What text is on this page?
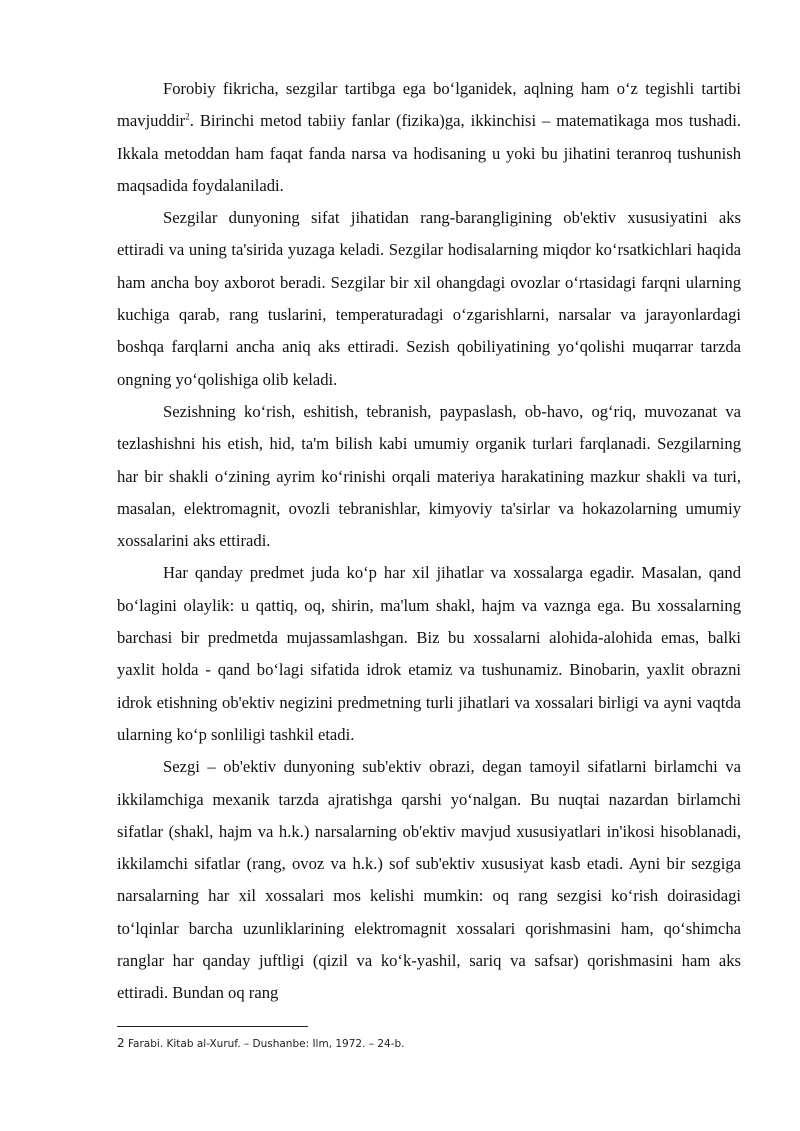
Forobiy fikricha, sezgilar tartibga ega bo‘lganidek, aqlning ham o‘z tegishli tartibi mavjuddir$^2$. Birinchi metod tabiiy fanlar (fizika)ga, ikkinchisi – matematikaga mos tushadi. Ikkala metoddan ham faqat fanda narsa va hodisaning u yoki bu jihatini teranroq tushunish maqsadida foydalaniladi.

Sezgilar dunyoning sifat jihatidan rang-barangligining ob'ektiv xususiyatini aks ettiradi va uning ta'sirida yuzaga keladi. Sezgilar hodisalarning miqdor ko‘rsatkichlari haqida ham ancha boy axborot beradi. Sezgilar bir xil ohangdagi ovozlar o‘rtasidagi farqni ularning kuchiga qarab, rang tuslarini, temperaturadagi o‘zgarishlarni, narsalar va jarayonlardagi boshqa farqlarni ancha aniq aks ettiradi. Sezish qobiliyatining yo‘qolishi muqarrar tarzda ongning yo‘qolishiga olib keladi.

Sezishning ko‘rish, eshitish, tebranish, paypaslash, ob-havo, og‘riq, muvozanat va tezlashishni his etish, hid, ta'm bilish kabi umumiy organik turlari farqlanadi. Sezgilarning har bir shakli o‘zining ayrim ko‘rinishi orqali materiya harakatining mazkur shakli va turi, masalan, elektromagnit, ovozli tebranishlar, kimyoviy ta'sirlar va hokazolarning umumiy xossalarini aks ettiradi.

Har qanday predmet juda ko‘p har xil jihatlar va xossalarga egadir. Masalan, qand bo‘lagini olaylik: u qattiq, oq, shirin, ma'lum shakl, hajm va vaznga ega. Bu xossalarning barchasi bir predmetda mujassamlashgan. Biz bu xossalarni alohida-alohida emas, balki yaxlit holda - qand bo‘lagi sifatida idrok etamiz va tushunamiz. Binobarin, yaxlit obrazni idrok etishning ob'ektiv negizini predmetning turli jihatlari va xossalari birligi va ayni vaqtda ularning ko‘p sonliligi tashkil etadi.

Sezgi – ob'ektiv dunyoning sub'ektiv obrazi, degan tamoyil sifatlarni birlamchi va ikkilamchiga mexanik tarzda ajratishga qarshi yo‘nalgan. Bu nuqtai nazardan birlamchi sifatlar (shakl, hajm va h.k.) narsalarning ob'ektiv mavjud xususiyatlari in'ikosi hisoblanadi, ikkilamchi sifatlar (rang, ovoz va h.k.) sof sub'ektiv xususiyat kasb etadi. Ayni bir sezgiga narsalarning har xil xossalari mos kelishi mumkin: oq rang sezgisi ko‘rish doirasidagi to‘lqinlar barcha uzunliklarining elektromagnit xossalari qorishmasini ham, qo‘shimcha ranglar har qanday juftligi (qizil va ko‘k-yashil, sariq va safsar) qorishmasini ham aks ettiradi. Bundan oq rang

2 Farabi. Kitab al-Xuruf. – Dushanbe: Ilm, 1972. – 24-b.
